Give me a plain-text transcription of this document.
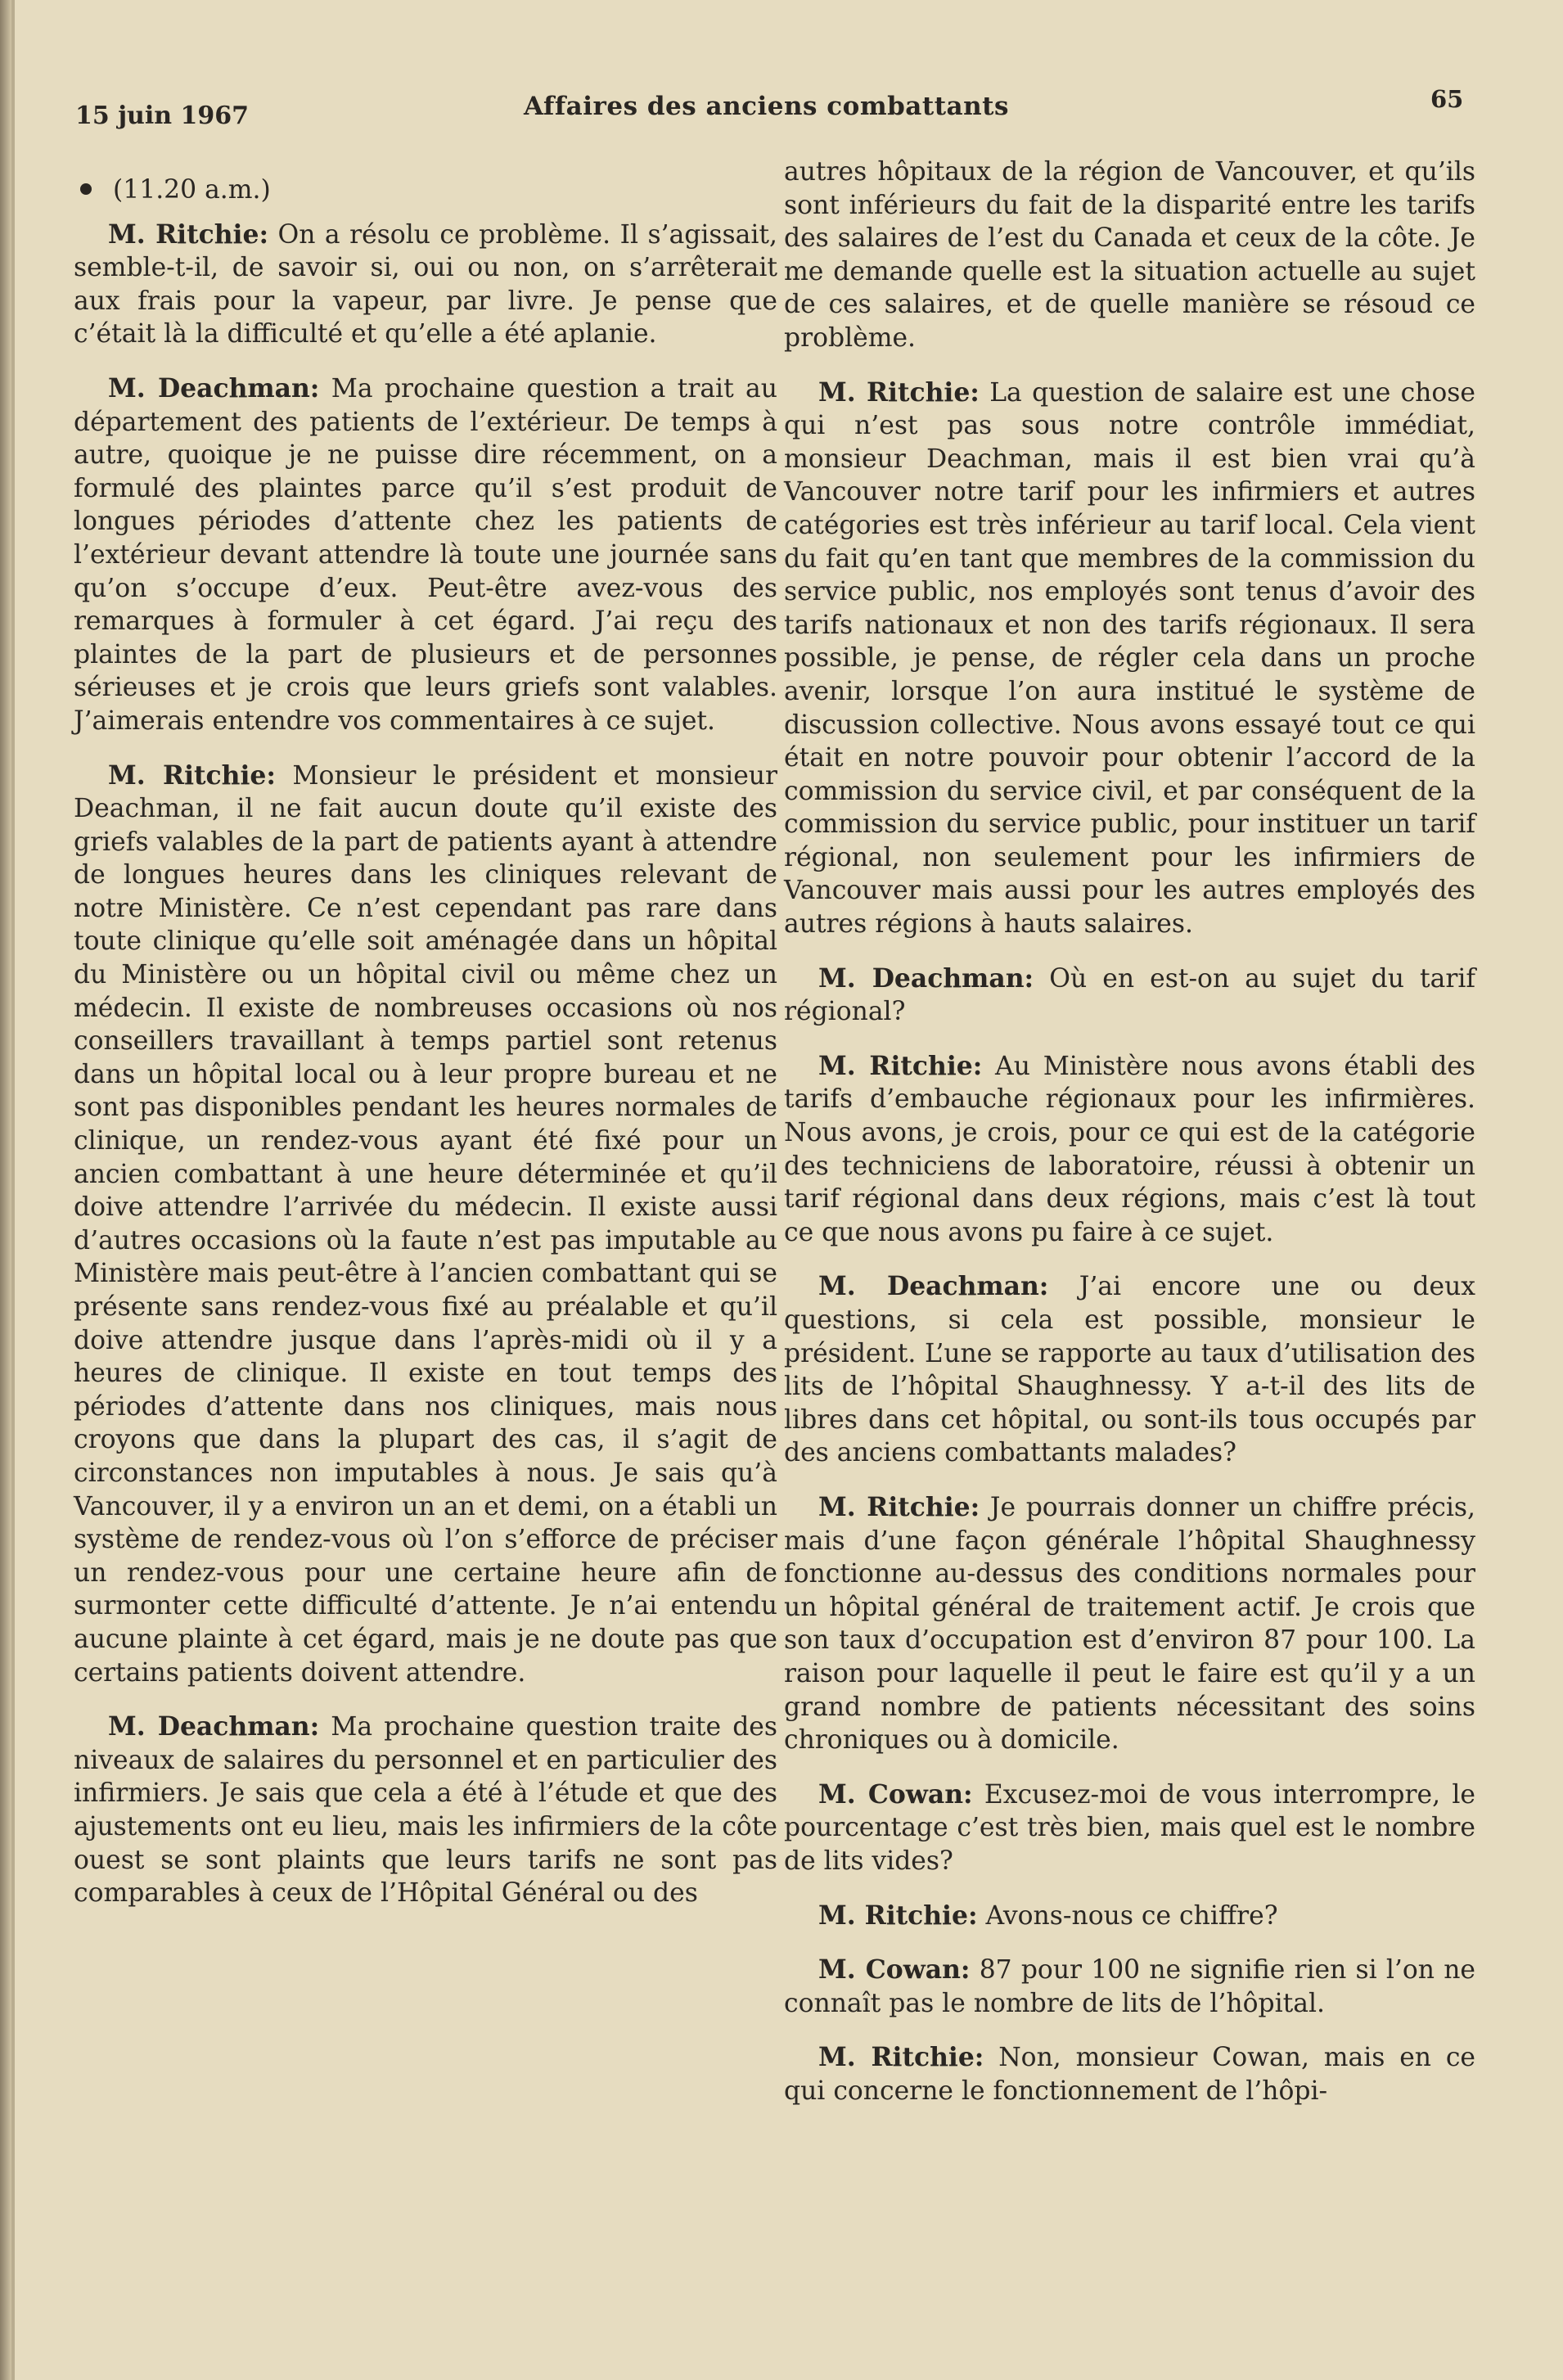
15 juin 1967	Affaires des anciens combattants	65

(11.20 a.m.)

M. Ritchie: On a résolu ce problème. Il s’agissait, semble-t-il, de savoir si, oui ou non, on s’arrêterait aux frais pour la vapeur, par livre. Je pense que c’était là la difficulté et qu’elle a été aplanie.

M. Deachman: Ma prochaine question a trait au département des patients de l’extérieur. De temps à autre, quoique je ne puisse dire récemment, on a formulé des plaintes parce qu’il s’est produit de longues périodes d’attente chez les patients de l’extérieur devant attendre là toute une journée sans qu’on s’occupe d’eux. Peut-être avez-vous des remarques à formuler à cet égard. J’ai reçu des plaintes de la part de plusieurs et de personnes sérieuses et je crois que leurs griefs sont valables. J’aimerais entendre vos commentaires à ce sujet.

M. Ritchie: Monsieur le président et monsieur Deachman, il ne fait aucun doute qu’il existe des griefs valables de la part de patients ayant à attendre de longues heures dans les cliniques relevant de notre Ministère. Ce n’est cependant pas rare dans toute clinique qu’elle soit aménagée dans un hôpital du Ministère ou un hôpital civil ou même chez un médecin. Il existe de nombreuses occasions où nos conseillers travaillant à temps partiel sont retenus dans un hôpital local ou à leur propre bureau et ne sont pas disponibles pendant les heures normales de clinique, un rendez-vous ayant été fixé pour un ancien combattant à une heure déterminée et qu’il doive attendre l’arrivée du médecin. Il existe aussi d’autres occasions où la faute n’est pas imputable au Ministère mais peut-être à l’ancien combattant qui se présente sans rendez-vous fixé au préalable et qu’il doive attendre jusque dans l’après-midi où il y a heures de clinique. Il existe en tout temps des périodes d’attente dans nos cliniques, mais nous croyons que dans la plupart des cas, il s’agit de circonstances non imputables à nous. Je sais qu’à Vancouver, il y a environ un an et demi, on a établi un système de rendez-vous où l’on s’efforce de préciser un rendez-vous pour une certaine heure afin de surmonter cette difficulté d’attente. Je n’ai entendu aucune plainte à cet égard, mais je ne doute pas que certains patients doivent attendre.

M. Deachman: Ma prochaine question traite des niveaux de salaires du personnel et en particulier des infirmiers. Je sais que cela a été à l’étude et que des ajustements ont eu lieu, mais les infirmiers de la côte ouest se sont plaints que leurs tarifs ne sont pas comparables à ceux de l’Hôpital Général ou des

autres hôpitaux de la région de Vancouver, et qu’ils sont inférieurs du fait de la disparité entre les tarifs des salaires de l’est du Canada et ceux de la côte. Je me demande quelle est la situation actuelle au sujet de ces salaires, et de quelle manière se résoud ce problème.

M. Ritchie: La question de salaire est une chose qui n’est pas sous notre contrôle immédiat, monsieur Deachman, mais il est bien vrai qu’à Vancouver notre tarif pour les infirmiers et autres catégories est très inférieur au tarif local. Cela vient du fait qu’en tant que membres de la commission du service public, nos employés sont tenus d’avoir des tarifs nationaux et non des tarifs régionaux. Il sera possible, je pense, de régler cela dans un proche avenir, lorsque l’on aura institué le système de discussion collective. Nous avons essayé tout ce qui était en notre pouvoir pour obtenir l’accord de la commission du service civil, et par conséquent de la commission du service public, pour instituer un tarif régional, non seulement pour les infirmiers de Vancouver mais aussi pour les autres employés des autres régions à hauts salaires.

M. Deachman: Où en est-on au sujet du tarif régional?

M. Ritchie: Au Ministère nous avons établi des tarifs d’embauche régionaux pour les infirmières. Nous avons, je crois, pour ce qui est de la catégorie des techniciens de laboratoire, réussi à obtenir un tarif régional dans deux régions, mais c’est là tout ce que nous avons pu faire à ce sujet.

M. Deachman: J’ai encore une ou deux questions, si cela est possible, monsieur le président. L’une se rapporte au taux d’utilisation des lits de l’hôpital Shaughnessy. Y a-t-il des lits de libres dans cet hôpital, ou sont-ils tous occupés par des anciens combattants malades?

M. Ritchie: Je pourrais donner un chiffre précis, mais d’une façon générale l’hôpital Shaughnessy fonctionne au-dessus des conditions normales pour un hôpital général de traitement actif. Je crois que son taux d’occupation est d’environ 87 pour 100. La raison pour laquelle il peut le faire est qu’il y a un grand nombre de patients nécessitant des soins chroniques ou à domicile.

M. Cowan: Excusez-moi de vous interrompre, le pourcentage c’est très bien, mais quel est le nombre de lits vides?

M. Ritchie: Avons-nous ce chiffre?

M. Cowan: 87 pour 100 ne signifie rien si l’on ne connaît pas le nombre de lits de l’hôpital.

M. Ritchie: Non, monsieur Cowan, mais en ce qui concerne le fonctionnement de l’hôpi-
